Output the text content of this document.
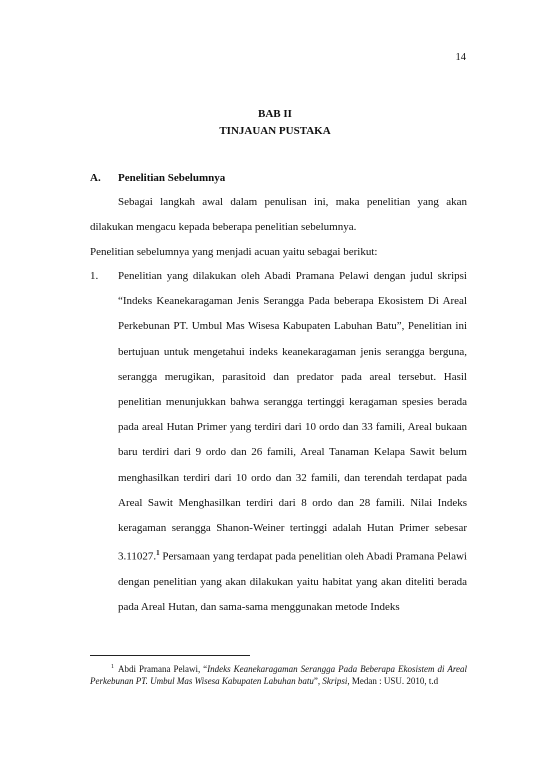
14
BAB II
TINJAUAN PUSTAKA
A. Penelitian Sebelumnya
Sebagai langkah awal dalam penulisan ini, maka penelitian yang akan dilakukan mengacu kepada beberapa penelitian sebelumnya.
Penelitian sebelumnya yang menjadi acuan yaitu sebagai berikut:
1.	Penelitian yang dilakukan oleh Abadi Pramana Pelawi dengan judul skripsi “Indeks Keanekaragaman Jenis Serangga Pada beberapa Ekosistem Di Areal Perkebunan PT. Umbul Mas Wisesa Kabupaten Labuhan Batu”, Penelitian ini bertujuan untuk mengetahui indeks keanekaragaman jenis serangga berguna, serangga merugikan, parasitoid dan predator pada areal tersebut. Hasil penelitian menunjukkan bahwa serangga tertinggi keragaman spesies berada pada areal Hutan Primer yang terdiri dari 10 ordo dan 33 famili, Areal bukaan baru terdiri dari 9 ordo dan 26 famili, Areal Tanaman Kelapa Sawit belum menghasilkan terdiri dari 10 ordo dan 32 famili, dan terendah terdapat pada Areal Sawit Menghasilkan terdiri dari 8 ordo dan 28 famili. Nilai Indeks keragaman serangga Shanon-Weiner tertinggi adalah Hutan Primer sebesar 3.11027.$^1$ Persamaan yang terdapat pada penelitian oleh Abadi Pramana Pelawi dengan penelitian yang akan dilakukan yaitu habitat yang akan diteliti berada pada Areal Hutan, dan sama-sama menggunakan metode Indeks
$^1$ Abdi Pramana Pelawi, “Indeks Keanekaragaman Serangga Pada Beberapa Ekosistem di Areal Perkebunan PT. Umbul Mas Wisesa Kabupaten Labuhan batu”, Skripsi, Medan : USU. 2010, t.d
